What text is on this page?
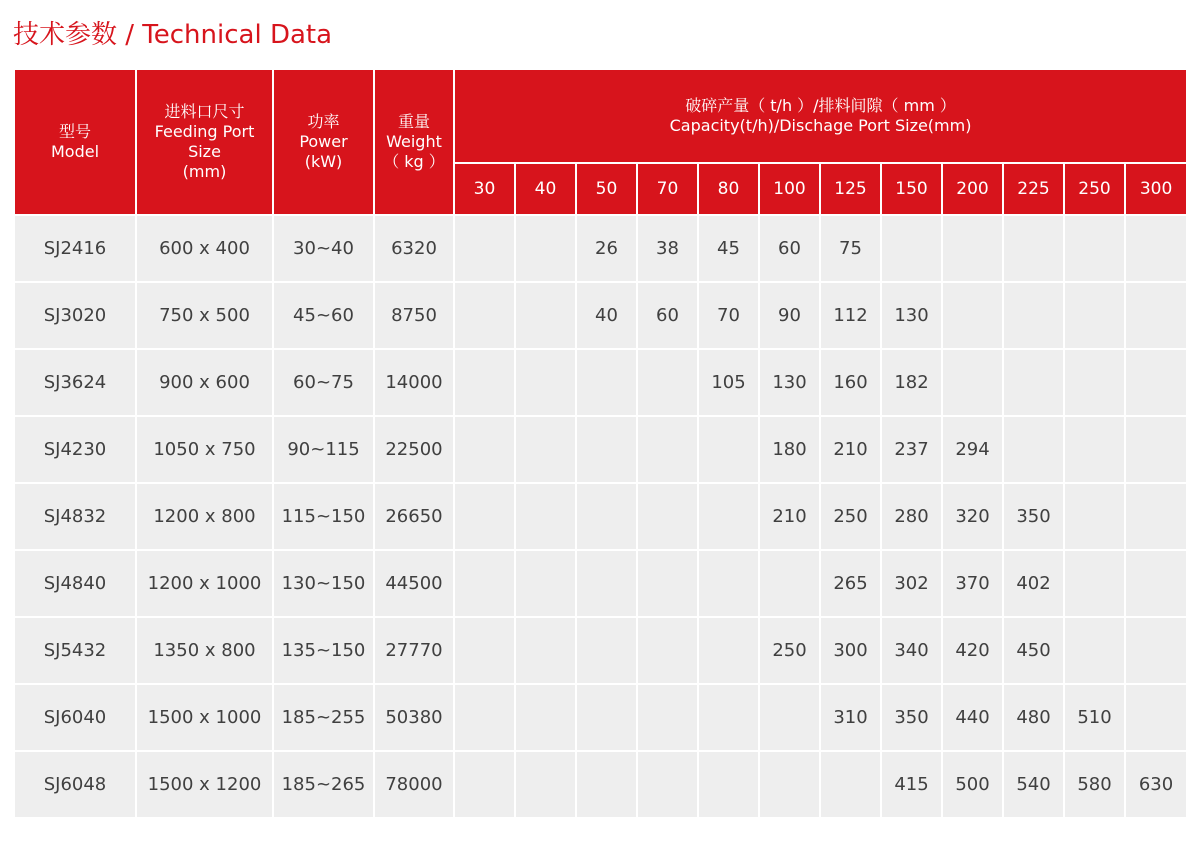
技术参数 / Technical Data
型号
Model	进料口尺寸
Feeding Port
Size
(mm)	功率
Power
(kW)	重量
Weight
（ kg ）	破碎产量（ t/h ）/排料间隙（ mm ）
Capacity(t/h)/Dischage Port Size(mm)											

				30	40	50	70	80	100	125	150	200	225	250	300
SJ2416	600 x 400	30~40	6320			26	38	45	60	75					
SJ3020	750 x 500	45~60	8750			40	60	70	90	112	130				
SJ3624	900 x 600	60~75	14000					105	130	160	182				
SJ4230	1050 x 750	90~115	22500						180	210	237	294			
SJ4832	1200 x 800	115~150	26650						210	250	280	320	350		
SJ4840	1200 x 1000	130~150	44500							265	302	370	402		
SJ5432	1350 x 800	135~150	27770						250	300	340	420	450		
SJ6040	1500 x 1000	185~255	50380							310	350	440	480	510	
SJ6048	1500 x 1200	185~265	78000								415	500	540	580	630
